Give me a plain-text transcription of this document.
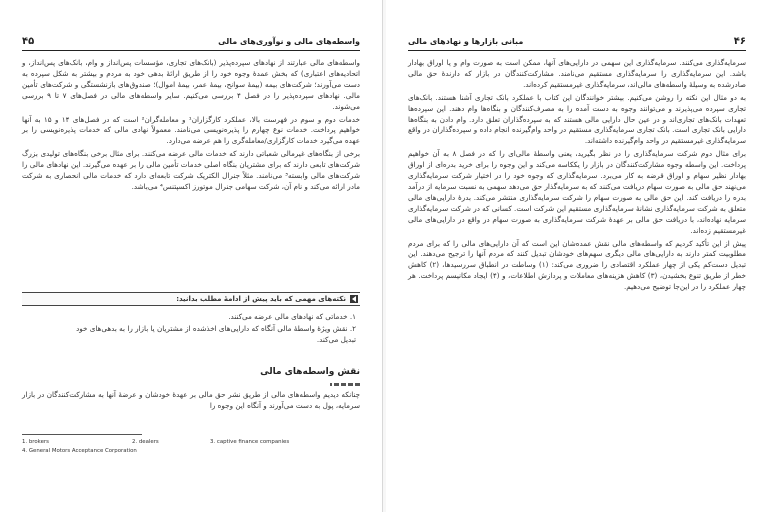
۴۵	واسطه‌های مالی و نوآوری‌های مالی

واسطه‌های مالی عبارتند از نهادهای سپرده‌پذیر (بانک‌های تجاری، مؤسسات پس‌انداز و وام، بانک‌های پس‌انداز، و اتحادیه‌های اعتباری) که بخش عمدهٔ وجوه خود را از طریق ارائهٔ بدهی خود به مردم و بیشتر به شکل سپرده به دست می‌آورند؛ شرکت‌های بیمه (بیمهٔ سوانح، بیمهٔ عمر، بیمهٔ اموال)؛ صندوق‌های بازنشستگی و شرکت‌های تأمین مالی. نهادهای سپرده‌پذیر را در فصل ۴ بررسی می‌کنیم. سایر واسطه‌های مالی در فصل‌های ۷ تا ۹ بررسی می‌شوند.

خدمات دوم و سوم در فهرست بالا، عملکرد کارگزاران¹ و معامله‌گران² است که در فصل‌های ۱۴ و ۱۵ به آنها خواهیم پرداخت. خدمات نوع چهارم را پذیرەنویسی می‌نامند. معمولاً نهادی مالی که خدمات پذیره‌نویسی را بر عهده می‌گیرد خدمات کارگزاری/معامله‌گری را هم عرضه می‌دارد.

برخی از بنگاه‌های غیرمالی شعباتی دارند که خدمات مالی عرضه می‌کنند. برای مثال برخی بنگاه‌های تولیدی بزرگ شرکت‌های تابعی دارند که برای مشتریان بنگاه اصلی خدمات تأمین مالی را بر عهده می‌گیرند. این نهادهای مالی را شرکت‌های مالی وابسته³ می‌نامند. مثلاً جنرال الکتریک شرکت تابعه‌ای دارد که خدمات مالی انحصاری به شرکت مادر ارائه می‌کند و نام آن، شرکت سهامی جنرال موتورز اکسپتنس⁴ می‌باشد.

نکته‌های مهمی که باید پیش از ادامهٔ مطلب بدانید:
۱. خدماتی که نهادهای مالی عرضه می‌کنند.
۲. نقش ویژهٔ واسطهٔ مالی آنگاه که دارایی‌های اخذشده از مشتریان یا بازار را به بدهی‌های خود تبدیل می‌کند.
نقش واسطه‌های مالی

چنانکه دیدیم واسطه‌های مالی از طریق نشر حق مالی بر عهدهٔ خودشان و عرضهٔ آنها به مشارکت‌کنندگان در بازار سرمایه، پول به دست می‌آورند و آنگاه این وجوه را

1. brokers	2. dealers	3. captive finance companies
4. General Motors Acceptance Corporation
۴۶
مبانی بازارها و نهادهای مالی

سرمایه‌گذاری می‌کنند. سرمایه‌گذاری این سهمی در دارایی‌های آنها، ممکن است به صورت وام و یا اوراق بهادار باشد. این سرمایه‌گذاری را سرمایه‌گذاری مستقیم می‌نامند. مشارکت‌کنندگان در بازار که دارندهٔ حق مالی صادرشده به وسیلهٔ واسطه‌های مالی‌اند، سرمایه‌گذاری غیرمستقیم کرده‌اند.

به دو مثال این نکته را روشن می‌کنیم. بیشتر خوانندگان این کتاب با عملکرد بانک تجاری آشنا هستند. بانک‌های تجاری سپرده می‌پذیرند و می‌توانند وجوه به دست آمده را به مصرف‌کنندگان و بنگاه‌ها وام دهند. این سپرده‌ها تعهدات بانک‌های تجاری‌اند و در عین حال دارایی مالی هستند که به سپرده‌گذاران تعلق دارد. وام دادن به بنگاه‌ها دارایی بانک تجاری است. بانک تجاری سرمایه‌گذاری مستقیم در واحد وام‌گیرنده انجام داده و سپرده‌گذاران در واقع سرمایه‌گذاری غیرمستقیم در واحد وام‌گیرنده داشته‌اند.

برای مثال دوم شرکت سرمایه‌گذاری را در نظر بگیرید، یعنی واسطهٔ مالی‌ای را که در فصل ۸ به آن خواهیم پرداخت. این واسطه وجوه مشارکت‌کنندگان در بازار را یککاسه می‌کند و این وجوه را برای خرید بدره‌ای از اوراق بهادار نظیر سهام و اوراق قرضه به کار می‌برد. سرمایه‌گذاری که وجوه خود را در اختیار شرکت سرمایه‌گذاری می‌نهند حق مالی به صورت سهام دریافت می‌کنند که به سرمایه‌گذار حق می‌دهد سهمی به نسبت سرمایه از درآمد بدره را دریافت کند. این حق مالی به صورت سهام را شرکت سرمایه‌گذاری منتشر می‌کند. بدرهٔ دارایی‌های مالی متعلق به شرکت سرمایه‌گذاری نشانهٔ سرمایه‌گذاری مستقیم این شرکت است. کسانی که در شرکت سرمایه‌گذاری سرمایه نهاده‌اند، با دریافت حق مالی بر عهدهٔ شرکت سرمایه‌گذاری به صورت سهام در واقع در دارایی‌های مالی غیرمستقیم زده‌اند.

پیش از این تأکید کردیم که واسطه‌های مالی نقش عمده‌شان این است که آن دارایی‌های مالی را که برای مردم مطلوبیت کمتر دارند به دارایی‌های مالی دیگری سهم‌های خودشان تبدیل کنند که مردم آنها را ترجیح می‌دهند. این تبدیل دست‌کم یکی از چهار عملکرد اقتصادی را ضروری می‌کند: (۱) وساطت در انطباق سررسیدها، (۲) کاهش خطر از طریق تنوع بخشیدن، (۳) کاهش هزینه‌های معاملات و پردازش اطلاعات، و (۴) ایجاد مکانیسم پرداخت. هر چهار عملکرد را در این‌جا توضیح می‌دهیم.
